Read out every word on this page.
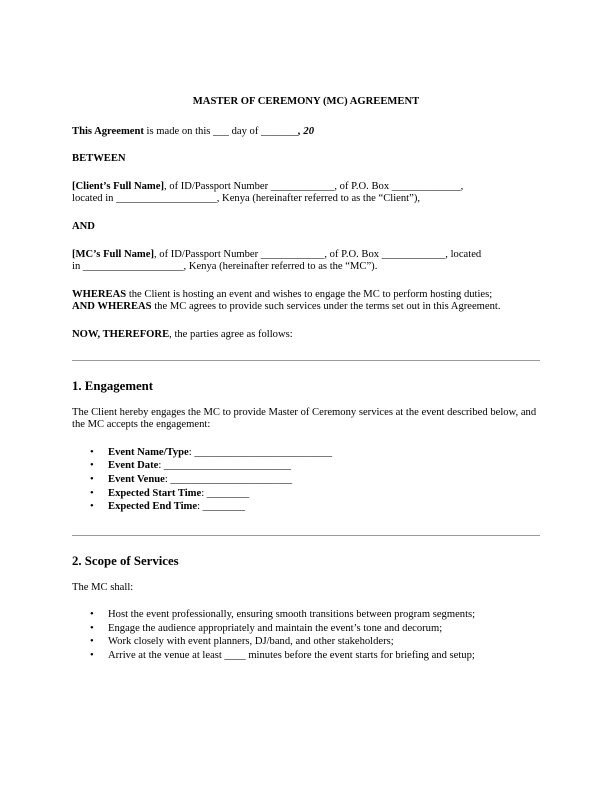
MASTER OF CEREMONY (MC) AGREEMENT

This Agreement is made on this ___ day of _______, 20

BETWEEN

[Client’s Full Name], of ID/Passport Number ____________, of P.O. Box _____________,
located in ___________________, Kenya (hereinafter referred to as the “Client”),

AND

[MC’s Full Name], of ID/Passport Number ____________, of P.O. Box ____________, located
in ___________________, Kenya (hereinafter referred to as the “MC”).

WHEREAS the Client is hosting an event and wishes to engage the MC to perform hosting duties;

AND WHEREAS the MC agrees to provide such services under the terms set out in this Agreement.

NOW, THEREFORE, the parties agree as follows:

1. Engagement

The Client hereby engages the MC to provide Master of Ceremony services at the event described below, and the MC accepts the engagement:

• Event Name/Type: __________________________
• Event Date: ________________________
• Event Venue: _______________________
• Expected Start Time: ________
• Expected End Time: ________
2. Scope of Services

The MC shall:

• Host the event professionally, ensuring smooth transitions between program segments;
• Engage the audience appropriately and maintain the event’s tone and decorum;
• Work closely with event planners, DJ/band, and other stakeholders;
• Arrive at the venue at least ____ minutes before the event starts for briefing and setup;
